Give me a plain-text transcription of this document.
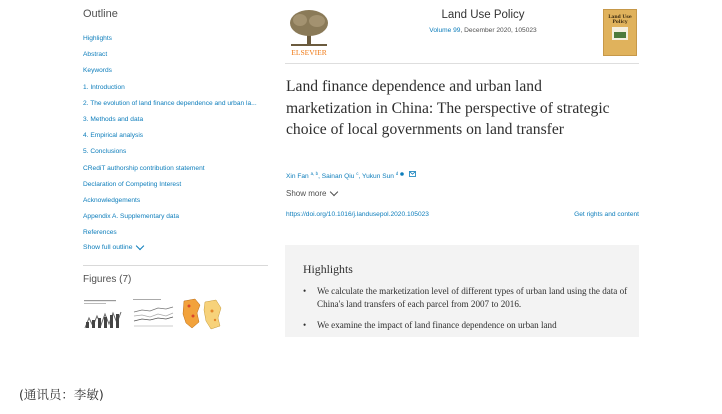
Outline
Highlights
Abstract
Keywords
1. Introduction
2. The evolution of land finance dependence and urban la...
3. Methods and data
4. Empirical analysis
5. Conclusions
CRediT authorship contribution statement
Declaration of Competing Interest
Acknowledgements
Appendix A. Supplementary data
References
Show full outline
Figures (7)
ELSEVIER
Land Use Policy
Volume 99, December 2020, 105023
Land Use Policy
Land finance dependence and urban land marketization in China: The perspective of strategic choice of local governments on land transfer
Xin Fan $^{a, b}$, Sainan Qiu $^c$, Yukun Sun $^d$
Show more
https://doi.org/10.1016/j.landusepol.2020.105023	Get rights and content
Highlights
•	We calculate the marketization level of different types of urban land using the data of China's land transfers of each parcel from 2007 to 2016.
•	We examine the impact of land finance dependence on urban land
(通讯员：李敏)
